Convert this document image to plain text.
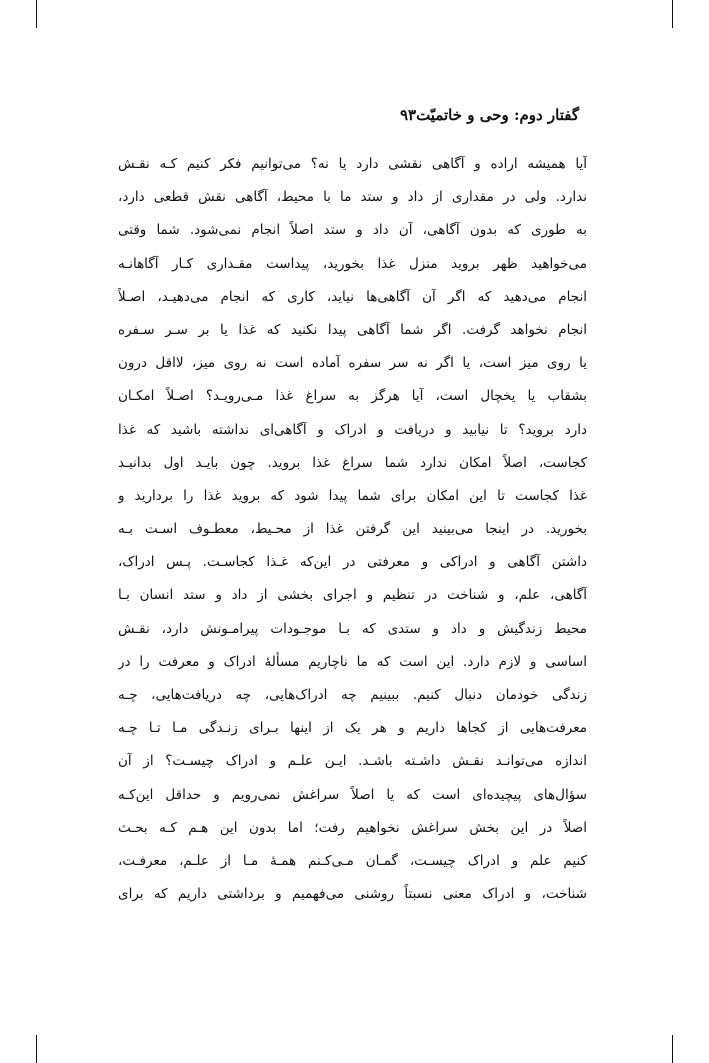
گفتار دوم: وحی و خاتمیّت۹۳
آیا همیشه اراده و آگاهی نقشی دارد یا نه؟ می‌توانیم فکر کنیم کـه نقـش
ندارد. ولی در مقداری از داد و ستد ما با محیط، آگاهی نقش قطعی دارد،
به طوری که بدون آگاهی، آن داد و ستد اصلاً انجام نمی‌شود. شما وقتی
می‌خواهید ظهر بروید منزل غذا بخورید، پیداست مقـداری کـار آگاهانـه
انجام می‌دهید که اگر آن آگاهی‌ها نیاید، کاری که انجام می‌دهیـد، اصـلاً
انجام نخواهد گرفت. اگر شما آگاهی پیدا نکنید که غذا یا بر سـر سـفره
یا روی میز است، یا اگر نه سر سفره آماده است نه روی میز، لااقل درون
بشقاب یا یخچال است، آیا هرگز به سراغ غذا مـی‌رویـد؟ اصـلاً امکـان
دارد بروید؟ تا نیابید و دریافت و ادراک و آگاهی‌ای نداشته باشید که غذا
کجاست، اصلاً امکان ندارد شما سراغ غذا بروید. چون بایـد اول بدانیـد
غذا کجاست تا این امکان برای شما پیدا شود که بروید غذا را بردارید و
بخورید. در اینجا می‌بینید این گرفتن غذا از محـیط، معطـوف اسـت بـه
داشتن آگاهی و ادراکی و معرفتی در این‌که غـذا کجاسـت. پـس ادراک،
آگاهی، علم، و شناخت در تنظیم و اجرای بخشی از داد و ستد انسان بـا
محیط زندگیش و داد و ستدی که بـا موجـودات پیرامـونش دارد، نقـش
اساسی و لازم دارد. این است که ما ناچاریم مسألهٔ ادراک و معرفت را در
زندگی خودمان دنبال کنیم. ببینیم چه ادراک‌هایی، چه دریافت‌هایی، چـه
معرفت‌هایی از کجاها داریم و هر یک از اینها بـرای زنـدگی مـا تـا چـه
اندازه می‌توانـد نقـش داشـته باشـد. ایـن علـم و ادراک چیسـت؟ از آن
سؤال‌های پیچیده‌ای است که یا اصلاً سراغش نمی‌رویم و حداقل این‌کـه
اصلاً در این بخش سراغش نخواهیم رفت؛ اما بدون این هـم کـه بحـث
کنیم علم و ادراک چیسـت، گمـان مـی‌کـنم همـهٔ مـا از علـم، معرفـت،
شناخت، و ادراک معنی نسبتاً روشنی می‌فهمیم و برداشتی داریم که برای
